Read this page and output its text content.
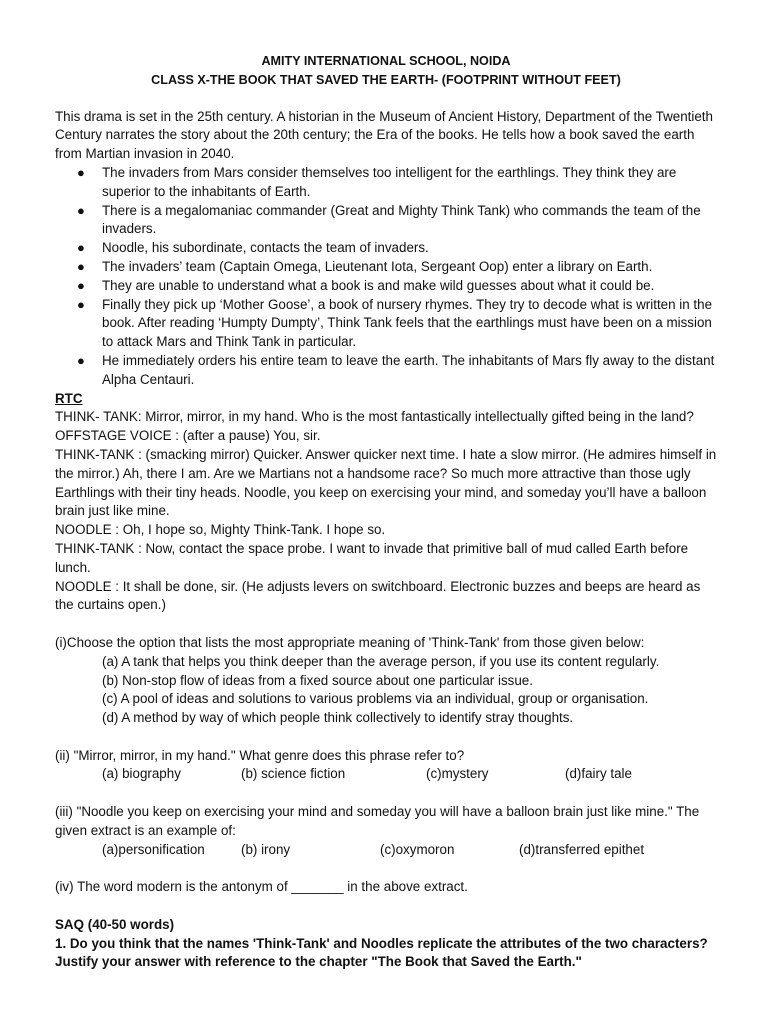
AMITY INTERNATIONAL SCHOOL, NOIDA

CLASS X-THE BOOK THAT SAVED THE EARTH- (FOOTPRINT WITHOUT FEET)

This drama is set in the 25th century. A historian in the Museum of Ancient History, Department of the Twentieth Century narrates the story about the 20th century; the Era of the books. He tells how a book saved the earth from Martian invasion in 2040.

● The invaders from Mars consider themselves too intelligent for the earthlings. They think they are superior to the inhabitants of Earth.
● There is a megalomaniac commander (Great and Mighty Think Tank) who commands the team of the invaders.
● Noodle, his subordinate, contacts the team of invaders.
● The invaders’ team (Captain Omega, Lieutenant Iota, Sergeant Oop) enter a library on Earth.
● They are unable to understand what a book is and make wild guesses about what it could be.
● Finally they pick up ‘Mother Goose’, a book of nursery rhymes. They try to decode what is written in the book. After reading ‘Humpty Dumpty’, Think Tank feels that the earthlings must have been on a mission to attack Mars and Think Tank in particular.
● He immediately orders his entire team to leave the earth. The inhabitants of Mars fly away to the distant Alpha Centauri.

RTC

THINK- TANK: Mirror, mirror, in my hand. Who is the most fantastically intellectually gifted being in the land?

OFFSTAGE VOICE : (after a pause) You, sir.

THINK-TANK : (smacking mirror) Quicker. Answer quicker next time. I hate a slow mirror. (He admires himself in the mirror.) Ah, there I am. Are we Martians not a handsome race? So much more attractive than those ugly Earthlings with their tiny heads. Noodle, you keep on exercising your mind, and someday you’ll have a balloon brain just like mine.

NOODLE : Oh, I hope so, Mighty Think-Tank. I hope so.

THINK-TANK : Now, contact the space probe. I want to invade that primitive ball of mud called Earth before lunch.

NOODLE : It shall be done, sir. (He adjusts levers on switchboard. Electronic buzzes and beeps are heard as the curtains open.)

(i)Choose the option that lists the most appropriate meaning of 'Think-Tank' from those given below:

(a) A tank that helps you think deeper than the average person, if you use its content regularly.

(b) Non-stop flow of ideas from a fixed source about one particular issue.

(c) A pool of ideas and solutions to various problems via an individual, group or organisation.

(d) A method by way of which people think collectively to identify stray thoughts.

(ii) "Mirror, mirror, in my hand." What genre does this phrase refer to?

(a) biography	(b) science fiction	(c)mystery	(d)fairy tale

(iii) "Noodle you keep on exercising your mind and someday you will have a balloon brain just like mine." The given extract is an example of:

(a)personification	(b) irony	(c)oxymoron	(d)transferred epithet

(iv) The word modern is the antonym of _______ in the above extract.

SAQ (40-50 words)

1. Do you think that the names 'Think-Tank' and Noodles replicate the attributes of the two characters? Justify your answer with reference to the chapter "The Book that Saved the Earth."
